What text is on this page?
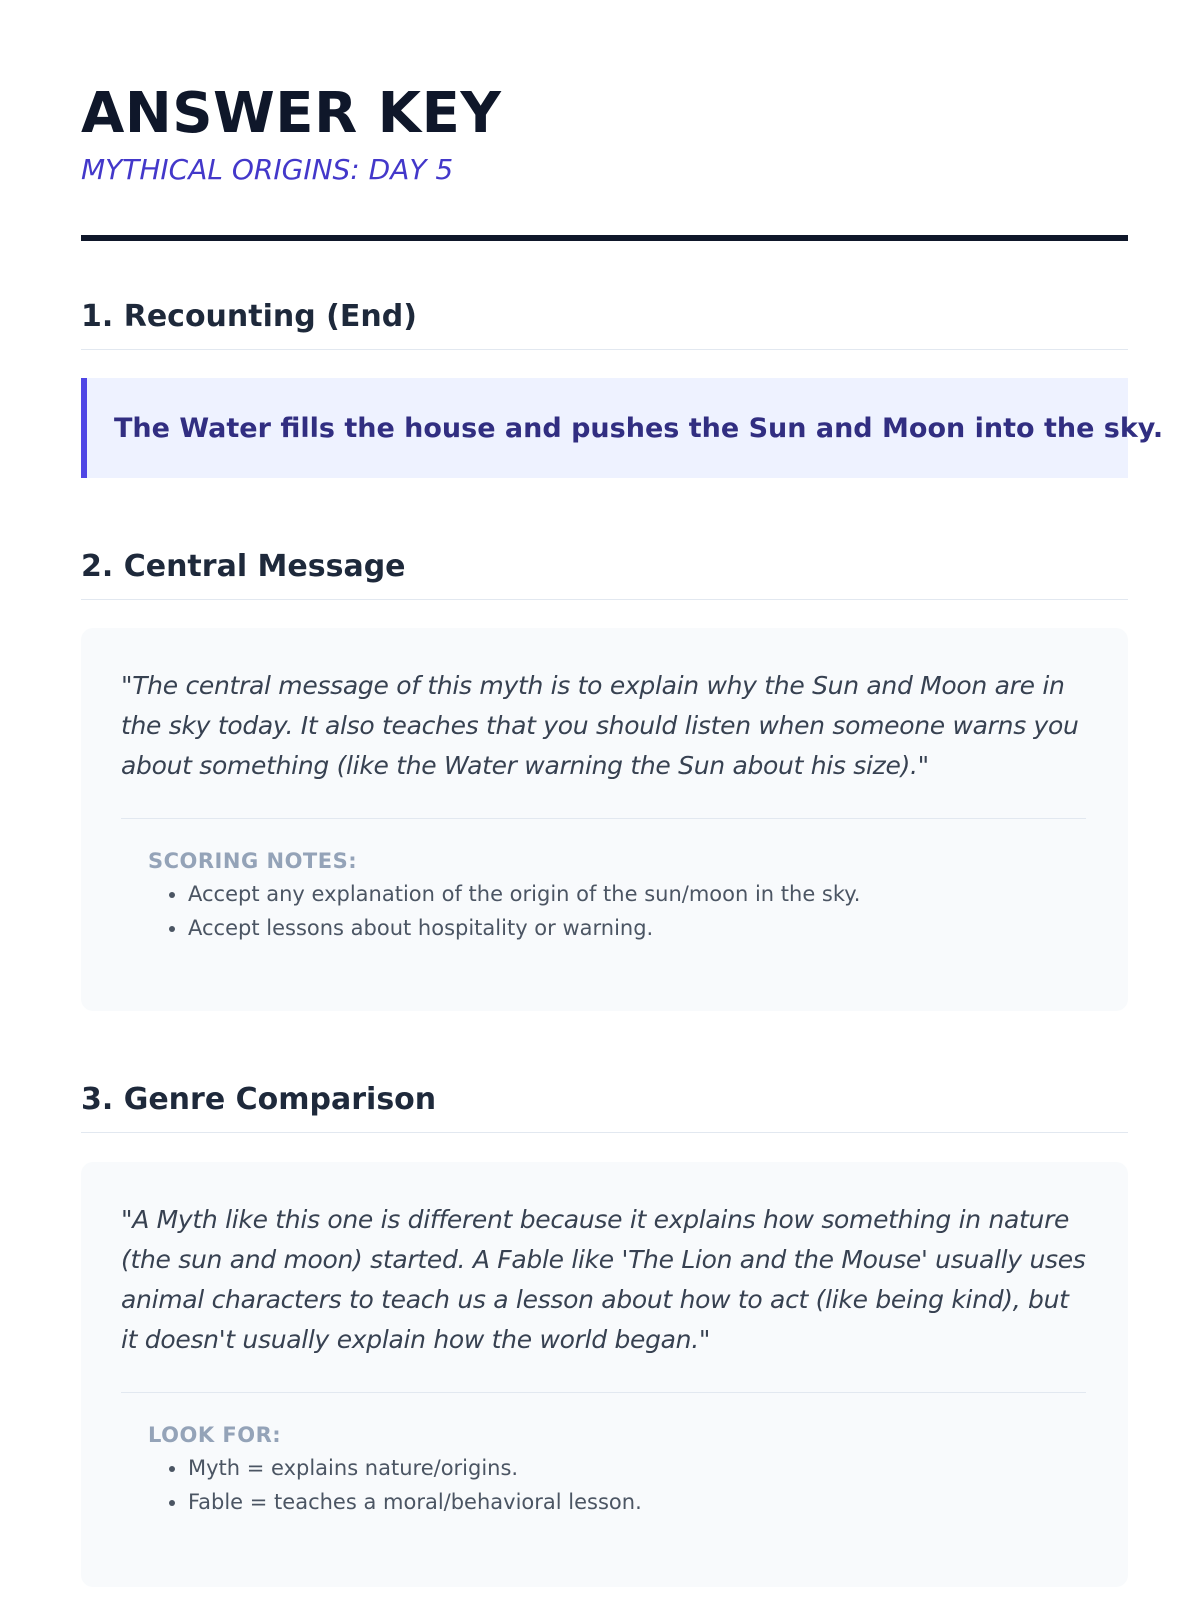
ANSWER KEY
MYTHICAL ORIGINS: DAY 5
1. Recounting (End)
The Water fills the house and pushes the Sun and Moon into the sky.
2. Central Message

"The central message of this myth is to explain why the Sun and Moon are in the sky today. It also teaches that you should listen when someone warns you about something (like the Water warning the Sun about his size)."

SCORING NOTES:
• Accept any explanation of the origin of the sun/moon in the sky.
• Accept lessons about hospitality or warning.
3. Genre Comparison

"A Myth like this one is different because it explains how something in nature (the sun and moon) started. A Fable like 'The Lion and the Mouse' usually uses animal characters to teach us a lesson about how to act (like being kind), but it doesn't usually explain how the world began."

LOOK FOR:
• Myth = explains nature/origins.
• Fable = teaches a moral/behavioral lesson.
